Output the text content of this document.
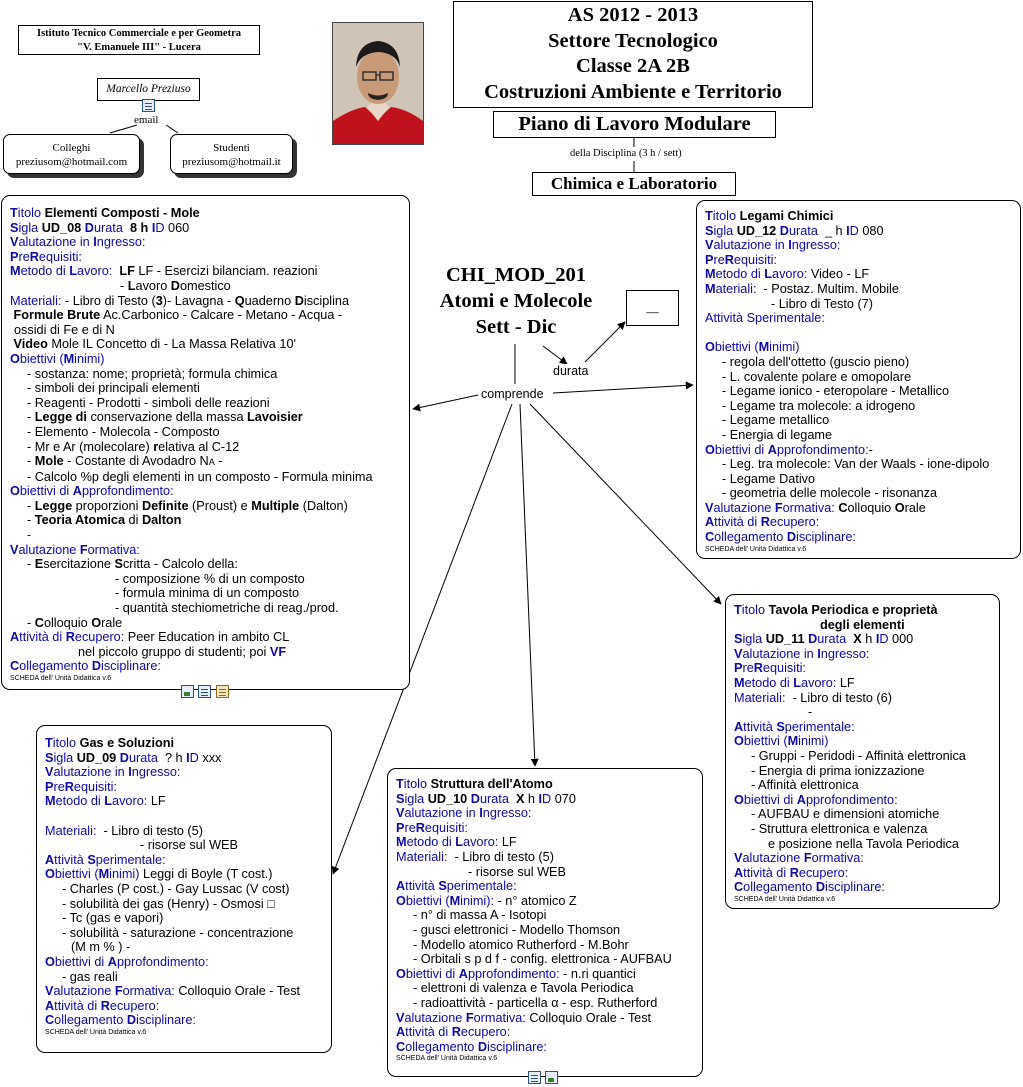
Istituto Tecnico Commerciale e per Geometra
"V. Emanuele III" - Lucera
Marcello Preziuso
email
Colleghi
preziusom@hotmail.com
Studenti
preziusom@hotmail.it
AS 2012 - 2013
Settore Tecnologico
Classe 2A 2B
Costruzioni Ambiente e Territorio
Piano di Lavoro Modulare
della Disciplina (3 h / sett)
Chimica e Laboratorio
CHI_MOD_201
Atomi e Molecole
Sett - Dic
__
durata
comprende
Titolo Elementi Composti - Mole
Sigla UD_08 Durata 8 h ID 060
Valutazione in Ingresso:
PreRequisiti:
Metodo di Lavoro: LF LF - Esercizi bilanciam. reazioni
- Lavoro Domestico
Materiali: - Libro di Testo (3)- Lavagna - Quaderno Disciplina
Formule Brute Ac.Carbonico - Calcare - Metano - Acqua -
ossidi di Fe e di N
Video Mole IL Concetto di - La Massa Relativa 10'
Obiettivi (Minimi)
- sostanza: nome; proprietà; formula chimica
- simboli dei principali elementi
- Reagenti - Prodotti - simboli delle reazioni
- Legge di conservazione della massa Lavoisier
- Elemento - Molecola - Composto
- Mr e Ar (molecolare) relativa al C-12
- Mole - Costante di Avodadro NA -
- Calcolo %p degli elementi in un composto - Formula minima
Obiettivi di Approfondimento:
- Legge proporzioni Definite (Proust) e Multiple (Dalton)
- Teoria Atomica di Dalton
-
Valutazione Formativa:
- Esercitazione Scritta - Calcolo della:
- composizione % di un composto
- formula minima di un composto
- quantità stechiometriche di reag./prod.
- Colloquio Orale
Attività di Recupero: Peer Education in ambito CL
nel piccolo gruppo di studenti; poi VF
Collegamento Disciplinare:
SCHEDA dell' Unità Didattica v.6

Titolo Legami Chimici
Sigla UD_12 Durata _ h ID 080
Valutazione in Ingresso:
PreRequisiti:
Metodo di Lavoro: Video - LF
Materiali:  - Postaz. Multim. Mobile
- Libro di Testo (7)
Attività Sperimentale:

Obiettivi (Minimi)
- regola dell'ottetto (guscio pieno)
- L. covalente polare e omopolare
- Legame ionico - eteropolare - Metallico
- Legame tra molecole: a idrogeno
- Legame metallico
- Energia di legame
Obiettivi di Approfondimento:-
- Leg. tra molecole: Van der Waals - ione-dipolo
- Legame Dativo
- geometria delle molecole - risonanza
Valutazione Formativa: Colloquio Orale
Attività di Recupero:
Collegamento Disciplinare:
SCHEDA dell' Unità Didattica v.6
Titolo Tavola Periodica e proprietà
degli elementi
Sigla UD_11 Durata X h ID 000
Valutazione in Ingresso:
PreRequisiti:
Metodo di Lavoro: LF
Materiali:  - Libro di testo (6)
-
Attività Sperimentale:
Obiettivi (Minimi)
- Gruppi - Peridodi - Affinità elettronica
- Energia di prima ionizzazione
- Affinità elettronica
Obiettivi di Approfondimento:
- AUFBAU e dimensioni atomiche
- Struttura elettronica e valenza
e posizione nella Tavola Periodica
Valutazione Formativa:
Attività di Recupero:
Collegamento Disciplinare:
SCHEDA dell' Unità Didattica v.6
Titolo Gas e Soluzioni
Sigla UD_09 Durata ? h ID xxx
Valutazione in Ingresso:
PreRequisiti:
Metodo di Lavoro: LF

Materiali:  - Libro di testo (5)
- risorse sul WEB
Attività Sperimentale:
Obiettivi (Minimi) Leggi di Boyle (T cost.)
- Charles (P cost.) - Gay Lussac (V cost)
- solubilità dei gas (Henry) - Osmosi □
- Tc (gas e vapori)
- solubilità - saturazione - concentrazione
(M m % ) -
Obiettivi di Approfondimento:
- gas reali
Valutazione Formativa: Colloquio Orale - Test
Attività di Recupero:
Collegamento Disciplinare:
SCHEDA dell' Unità Didattica v.6
Titolo Struttura dell'Atomo
Sigla UD_10 Durata X h ID 070
Valutazione in Ingresso:
PreRequisiti:
Metodo di Lavoro: LF
Materiali:  - Libro di testo (5)
- risorse sul WEB
Attività Sperimentale:
Obiettivi (Minimi): - n° atomico Z
- n° di massa A - Isotopi
- gusci elettronici - Modello Thomson
- Modello atomico Rutherford - M.Bohr
- Orbitali s p d f - config. elettronica - AUFBAU
Obiettivi di Approfondimento: - n.ri quantici
- elettroni di valenza e Tavola Periodica
- radioattività - particella α - esp. Rutherford
Valutazione Formativa: Colloquio Orale - Test
Attività di Recupero:
Collegamento Disciplinare:
SCHEDA dell' Unità Didattica v.6
